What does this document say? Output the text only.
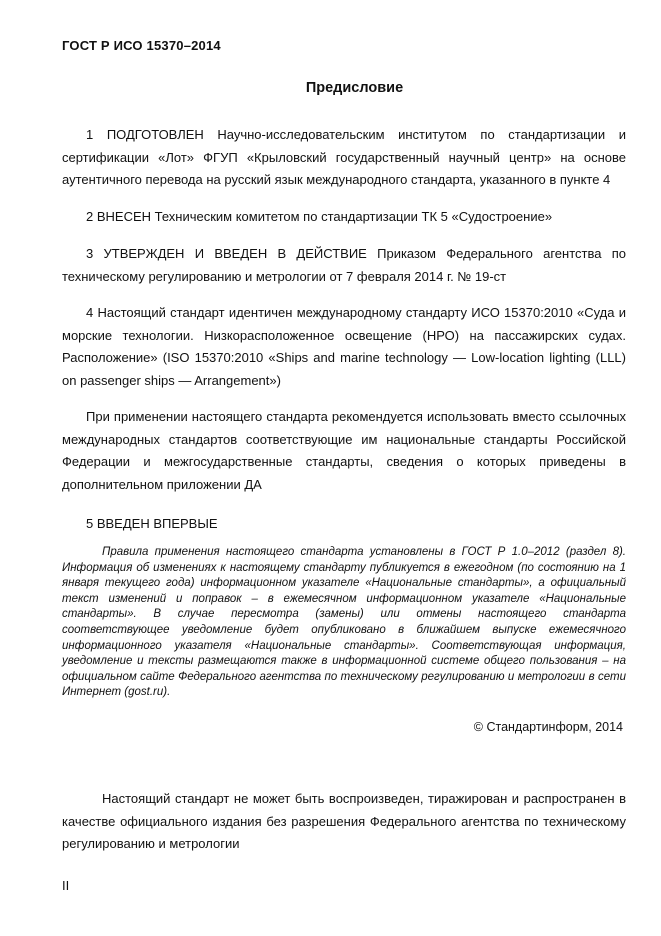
ГОСТ Р ИСО 15370–2014
Предисловие

1 ПОДГОТОВЛЕН Научно-исследовательским институтом по стандартизации и сертификации «Лот» ФГУП «Крыловский государственный научный центр» на основе аутентичного перевода на русский язык международного стандарта, указанного в пункте 4

2 ВНЕСЕН Техническим комитетом по стандартизации ТК 5 «Судостроение»

3 УТВЕРЖДЕН И ВВЕДЕН В ДЕЙСТВИЕ Приказом Федерального агентства по техническому регулированию и метрологии от 7 февраля 2014 г. № 19-ст

4 Настоящий стандарт идентичен международному стандарту ИСО 15370:2010 «Суда и морские технологии. Низкорасположенное освещение (НРО) на пассажирских судах. Расположение» (ISO 15370:2010 «Ships and marine technology — Low-location lighting (LLL) on passenger ships — Arrangement»)

При применении настоящего стандарта рекомендуется использовать вместо ссылочных международных стандартов соответствующие им национальные стандарты Российской Федерации и межгосударственные стандарты, сведения о которых приведены в дополнительном приложении ДА

5 ВВЕДЕН ВПЕРВЫЕ

Правила применения настоящего стандарта установлены в ГОСТ Р 1.0–2012 (раздел 8). Информация об изменениях к настоящему стандарту публикуется в ежегодном (по состоянию на 1 января текущего года) информационном указателе «Национальные стандарты», а официальный текст изменений и поправок – в ежемесячном информационном указателе «Национальные стандарты». В случае пересмотра (замены) или отмены настоящего стандарта соответствующее уведомление будет опубликовано в ближайшем выпуске ежемесячного информационного указателя «Национальные стандарты». Соответствующая информация, уведомление и тексты размещаются также в информационной системе общего пользования – на официальном сайте Федерального агентства по техническому регулированию и метрологии в сети Интернет (gost.ru).

© Стандартинформ, 2014

Настоящий стандарт не может быть воспроизведен, тиражирован и распространен в качестве официального издания без разрешения Федерального агентства по техническому регулированию и метрологии

II
